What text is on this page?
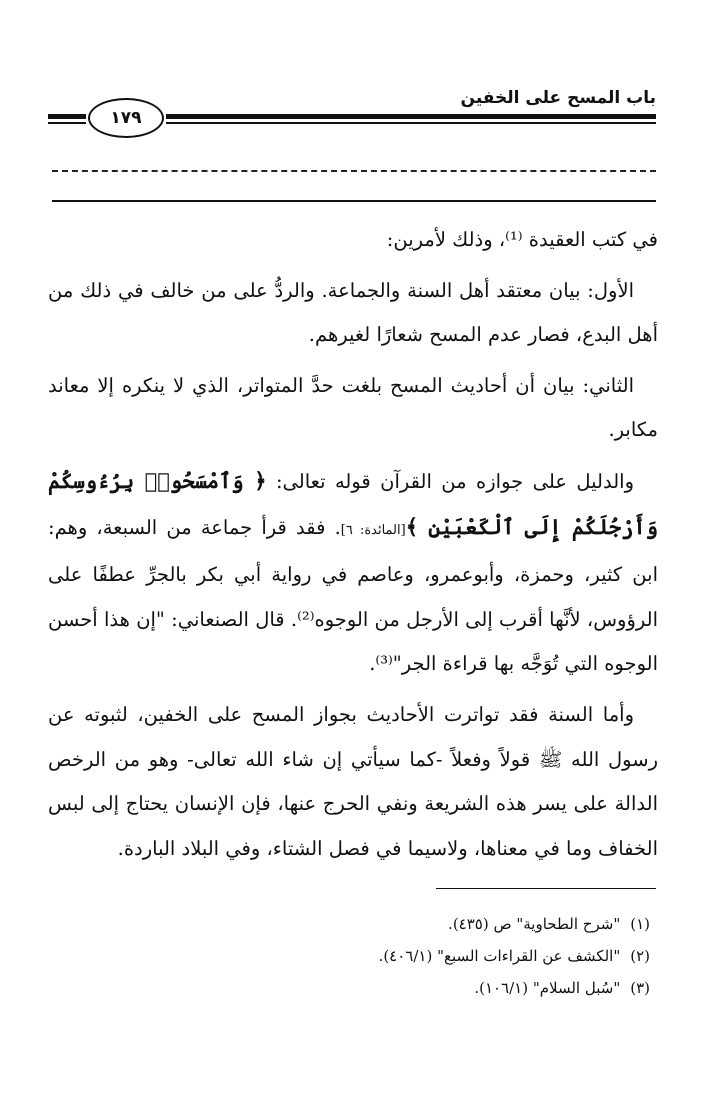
باب المسح على الخفين
١٧٩

في كتب العقيدة ⁽¹⁾، وذلك لأمرين:

الأول: بيان معتقد أهل السنة والجماعة. والردُّ على من خالف في ذلك من أهل البدع، فصار عدم المسح شعارًا لغيرهم.

الثاني: بيان أن أحاديث المسح بلغت حدَّ المتواتر، الذي لا ينكره إلا معاند مكابر.

والدليل على جوازه من القرآن قوله تعالى: ﴿ وَٱمْسَحُوا۟ بِرُءُوسِكُمْ وَأَرْجُلَكُمْ إِلَى ٱلْكَعْبَيْنِ ﴾[المائدة: ٦]. فقد قرأ جماعة من السبعة، وهم: ابن كثير، وحمزة، وأبوعمرو، وعاصم في رواية أبي بكر بالجرِّ عطفًا على الرؤوس، لأنَّها أقرب إلى الأرجل من الوجوه⁽²⁾. قال الصنعاني: "إن هذا أحسن الوجوه التي تُوَجَّه بها قراءة الجر"⁽³⁾.

وأما السنة فقد تواترت الأحاديث بجواز المسح على الخفين، لثبوته عن رسول الله ﷺ قولاً وفعلاً -كما سيأتي إن شاء الله تعالى- وهو من الرخص الدالة على يسر هذه الشريعة ونفي الحرج عنها، فإن الإنسان يحتاج إلى لبس الخفاف وما في معناها، ولاسيما في فصل الشتاء، وفي البلاد الباردة.

(١)"شرح الطحاوية" ص (٤٣٥).
(٢)"الكشف عن القراءات السبع" (٤٠٦/١).
(٣)"سُبل السلام" (١٠٦/١).
